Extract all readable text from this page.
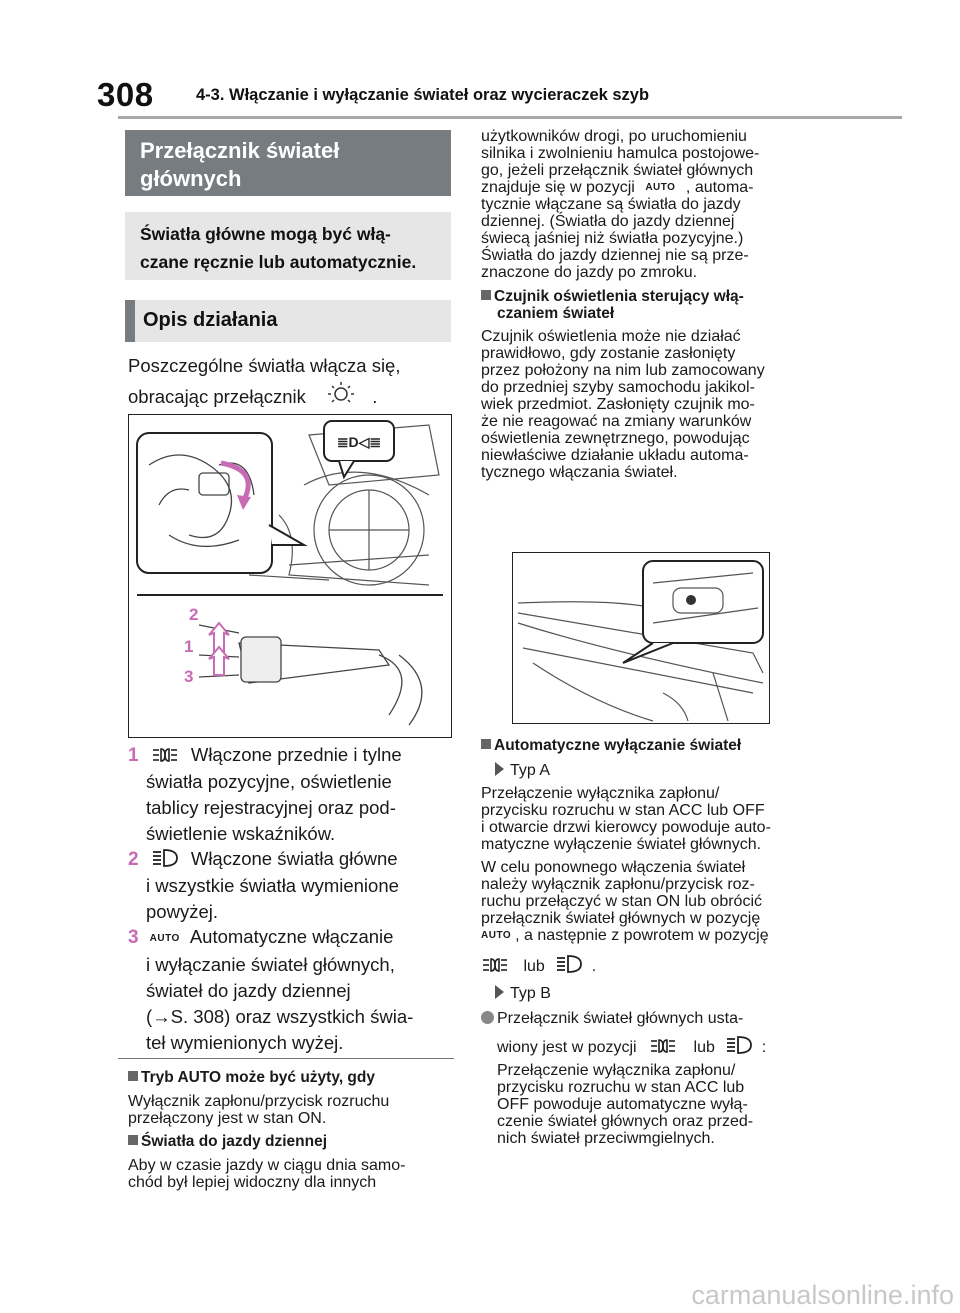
308	4-3. Włączanie i wyłączanie świateł oraz wycieraczek szyb
Przełącznik świateł
głównych
Światła główne mogą być włą-
czane ręcznie lub automatycznie.
Opis działania
Poszczególne światła włącza się,
obracając przełącznik	.
≣D◁≣
2
1
3
1	Włączone przednie i tylne
światła pozycyjne, oświetlenie
tablicy rejestracyjnej oraz pod-
świetlenie wskaźników.
2	Włączone światła główne
i wszystkie światła wymienione
powyżej.
3 AUTO Automatyczne włączanie
i wyłączanie świateł głównych,
świateł do jazdy dziennej
(→S. 308) oraz wszystkich świa-
teł wymienionych wyżej.
Tryb AUTO może być użyty, gdy
Wyłącznik zapłonu/przycisk rozruchu
przełączony jest w stan ON.
Światła do jazdy dziennej
Aby w czasie jazdy w ciągu dnia samo-
chód był lepiej widoczny dla innych
użytkowników drogi, po uruchomieniu
silnika i zwolnieniu hamulca postojowe-
go, jeżeli przełącznik świateł głównych
znajduje się w pozycji AUTO , automa-
tycznie włączane są światła do jazdy
dziennej. (Światła do jazdy dziennej
świecą jaśniej niż światła pozycyjne.)
Światła do jazdy dziennej nie są prze-
znaczone do jazdy po zmroku.
Czujnik oświetlenia sterujący włą-
czaniem świateł
Czujnik oświetlenia może nie działać
prawidłowo, gdy zostanie zasłonięty
przez położony na nim lub zamocowany
do przedniej szyby samochodu jakikol-
wiek przedmiot. Zasłonięty czujnik mo-
że nie reagować na zmiany warunków
oświetlenia zewnętrznego, powodując
niewłaściwe działanie układu automa-
tycznego włączania świateł.
Automatyczne wyłączanie świateł
Typ A
Przełączenie wyłącznika zapłonu/
przycisku rozruchu w stan ACC lub OFF
i otwarcie drzwi kierowcy powoduje auto-
matyczne wyłączenie świateł głównych.
W celu ponownego włączenia świateł
należy wyłącznik zapłonu/przycisk roz-
ruchu przełączyć w stan ON lub obrócić
przełącznik świateł głównych w pozycję
AUTO , a następnie z powrotem w pozycję
lub	.
Typ B
Przełącznik świateł głównych usta-
wiony jest w pozycji	lub	:
Przełączenie wyłącznika zapłonu/
przycisku rozruchu w stan ACC lub
OFF powoduje automatyczne wyłą-
czenie świateł głównych oraz przed-
nich świateł przeciwmgielnych.
carmanualsonline.info
